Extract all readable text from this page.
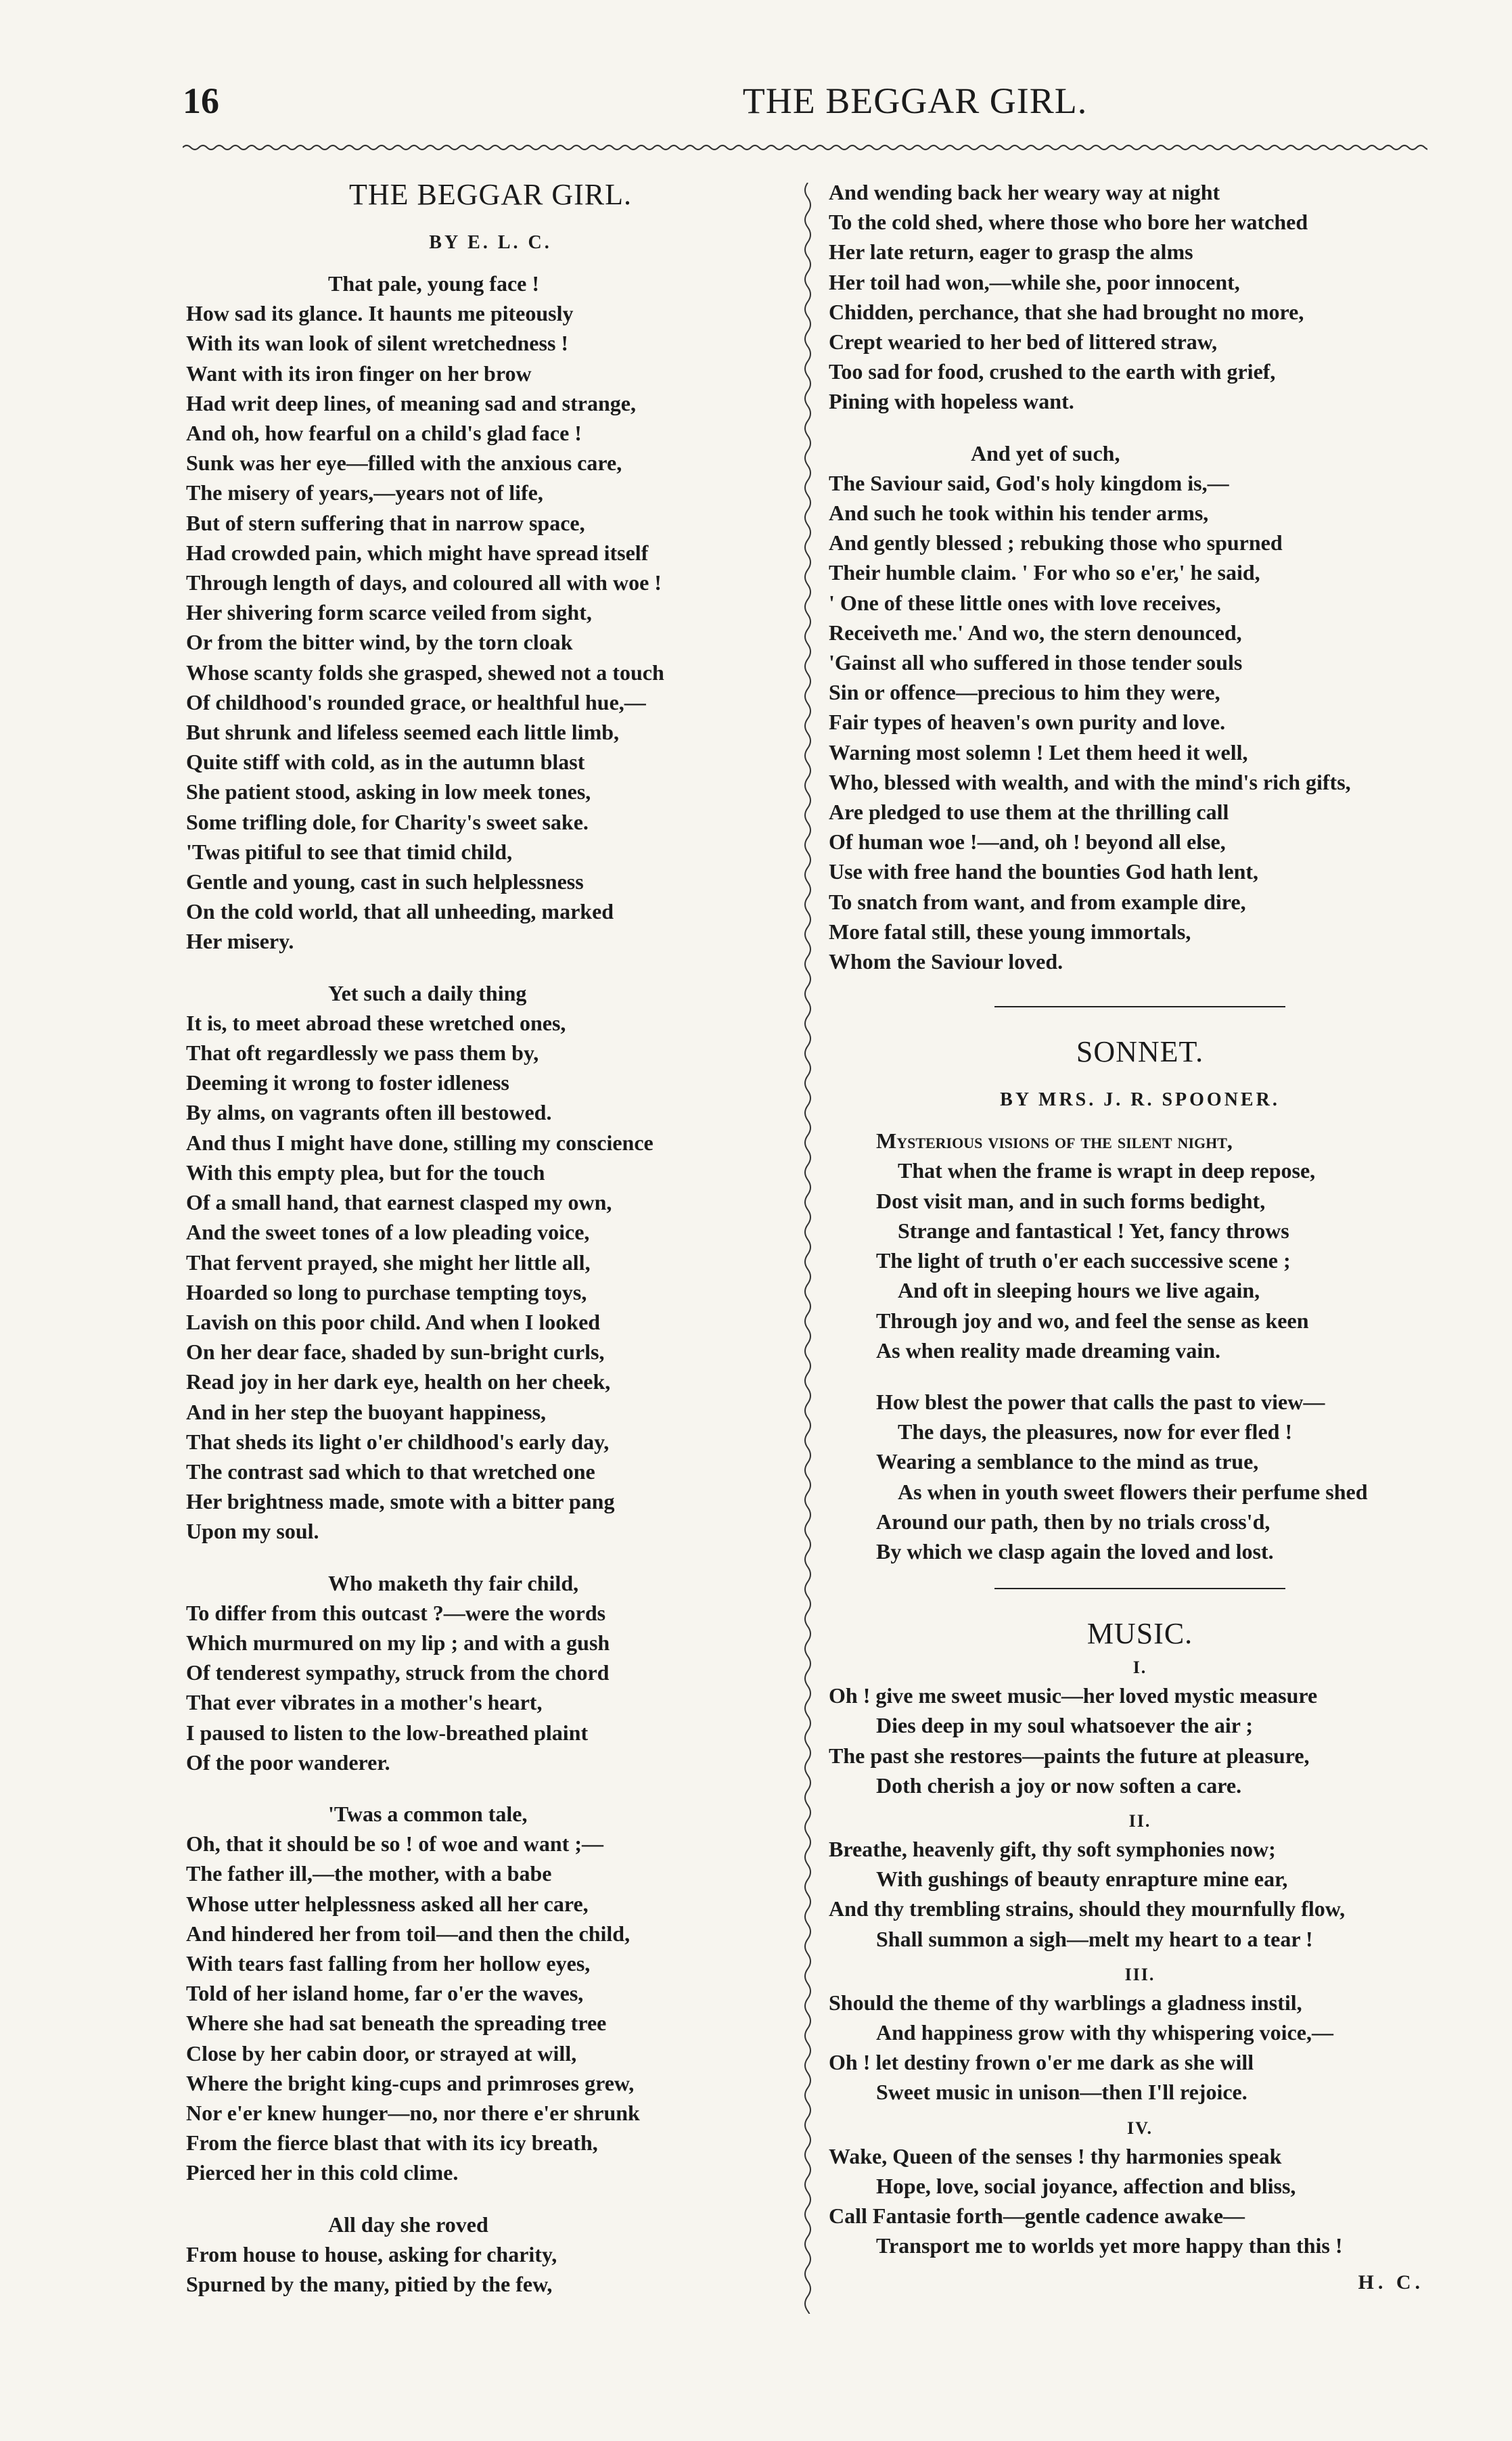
16	THE BEGGAR GIRL.
THE BEGGAR GIRL.
BY E. L. C.
That pale, young face !
How sad its glance. It haunts me piteously
With its wan look of silent wretchedness !
Want with its iron finger on her brow
Had writ deep lines, of meaning sad and strange,
And oh, how fearful on a child's glad face !
Sunk was her eye—filled with the anxious care,
The misery of years,—years not of life,
But of stern suffering that in narrow space,
Had crowded pain, which might have spread itself
Through length of days, and coloured all with woe !
Her shivering form scarce veiled from sight,
Or from the bitter wind, by the torn cloak
Whose scanty folds she grasped, shewed not a touch
Of childhood's rounded grace, or healthful hue,—
But shrunk and lifeless seemed each little limb,
Quite stiff with cold, as in the autumn blast
She patient stood, asking in low meek tones,
Some trifling dole, for Charity's sweet sake.
'Twas pitiful to see that timid child,
Gentle and young, cast in such helplessness
On the cold world, that all unheeding, marked
Her misery.
Yet such a daily thing
It is, to meet abroad these wretched ones,
That oft regardlessly we pass them by,
Deeming it wrong to foster idleness
By alms, on vagrants often ill bestowed.
And thus I might have done, stilling my conscience
With this empty plea, but for the touch
Of a small hand, that earnest clasped my own,
And the sweet tones of a low pleading voice,
That fervent prayed, she might her little all,
Hoarded so long to purchase tempting toys,
Lavish on this poor child. And when I looked
On her dear face, shaded by sun-bright curls,
Read joy in her dark eye, health on her cheek,
And in her step the buoyant happiness,
That sheds its light o'er childhood's early day,
The contrast sad which to that wretched one
Her brightness made, smote with a bitter pang
Upon my soul.
Who maketh thy fair child,
To differ from this outcast ?—were the words
Which murmured on my lip ; and with a gush
Of tenderest sympathy, struck from the chord
That ever vibrates in a mother's heart,
I paused to listen to the low-breathed plaint
Of the poor wanderer.
'Twas a common tale,
Oh, that it should be so ! of woe and want ;—
The father ill,—the mother, with a babe
Whose utter helplessness asked all her care,
And hindered her from toil—and then the child,
With tears fast falling from her hollow eyes,
Told of her island home, far o'er the waves,
Where she had sat beneath the spreading tree
Close by her cabin door, or strayed at will,
Where the bright king-cups and primroses grew,
Nor e'er knew hunger—no, nor there e'er shrunk
From the fierce blast that with its icy breath,
Pierced her in this cold clime.
All day she roved
From house to house, asking for charity,
Spurned by the many, pitied by the few,
And wending back her weary way at night
To the cold shed, where those who bore her watched
Her late return, eager to grasp the alms
Her toil had won,—while she, poor innocent,
Chidden, perchance, that she had brought no more,
Crept wearied to her bed of littered straw,
Too sad for food, crushed to the earth with grief,
Pining with hopeless want.
And yet of such,
The Saviour said, God's holy kingdom is,—
And such he took within his tender arms,
And gently blessed ; rebuking those who spurned
Their humble claim. ' For who so e'er,' he said,
' One of these little ones with love receives,
Receiveth me.' And wo, the stern denounced,
'Gainst all who suffered in those tender souls
Sin or offence—precious to him they were,
Fair types of heaven's own purity and love.
Warning most solemn ! Let them heed it well,
Who, blessed with wealth, and with the mind's rich gifts,
Are pledged to use them at the thrilling call
Of human woe !—and, oh ! beyond all else,
Use with free hand the bounties God hath lent,
To snatch from want, and from example dire,
More fatal still, these young immortals,
Whom the Saviour loved.
SONNET.
BY MRS. J. R. SPOONER.
Mysterious visions of the silent night,
That when the frame is wrapt in deep repose,
Dost visit man, and in such forms bedight,
Strange and fantastical ! Yet, fancy throws
The light of truth o'er each successive scene ;
And oft in sleeping hours we live again,
Through joy and wo, and feel the sense as keen
As when reality made dreaming vain.
How blest the power that calls the past to view—
The days, the pleasures, now for ever fled !
Wearing a semblance to the mind as true,
As when in youth sweet flowers their perfume shed
Around our path, then by no trials cross'd,
By which we clasp again the loved and lost.
MUSIC.
I.
Oh ! give me sweet music—her loved mystic measure
Dies deep in my soul whatsoever the air ;
The past she restores—paints the future at pleasure,
Doth cherish a joy or now soften a care.
II.
Breathe, heavenly gift, thy soft symphonies now;
With gushings of beauty enrapture mine ear,
And thy trembling strains, should they mournfully flow,
Shall summon a sigh—melt my heart to a tear !
III.
Should the theme of thy warblings a gladness instil,
And happiness grow with thy whispering voice,—
Oh ! let destiny frown o'er me dark as she will
Sweet music in unison—then I'll rejoice.
IV.
Wake, Queen of the senses ! thy harmonies speak
Hope, love, social joyance, affection and bliss,
Call Fantasie forth—gentle cadence awake—
Transport me to worlds yet more happy than this !
H. C.
